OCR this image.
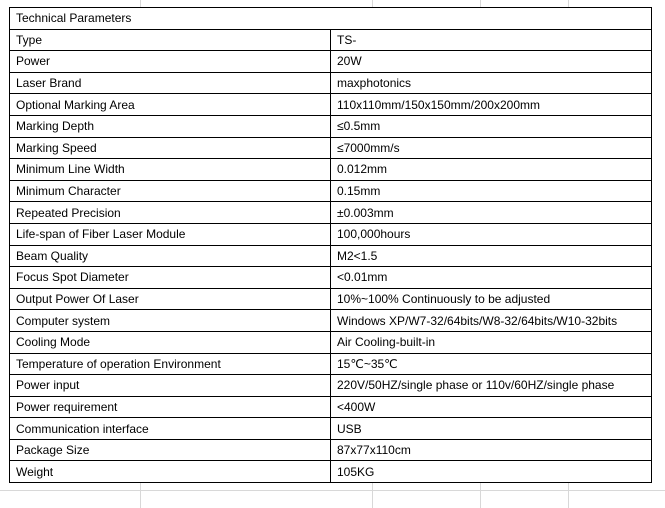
Technical Parameters	
Type	TS-
Power	20W
Laser Brand	maxphotonics
Optional Marking Area	110x110mm/150x150mm/200x200mm
Marking Depth	≤0.5mm
Marking Speed	≤7000mm/s
Minimum Line Width	0.012mm
Minimum Character	0.15mm
Repeated Precision	±0.003mm
Life-span of Fiber Laser Module	100,000hours
Beam Quality	M2<1.5
Focus Spot Diameter	<0.01mm
Output Power Of Laser	10%~100% Continuously to be adjusted
Computer system	Windows XP/W7-32/64bits/W8-32/64bits/W10-32bits
Cooling Mode	Air Cooling-built-in
Temperature of operation Environment	15℃~35℃
Power input	220V/50HZ/single phase or 110v/60HZ/single phase
Power requirement	<400W
Communication interface	USB
Package Size	87x77x110cm
Weight	105KG
